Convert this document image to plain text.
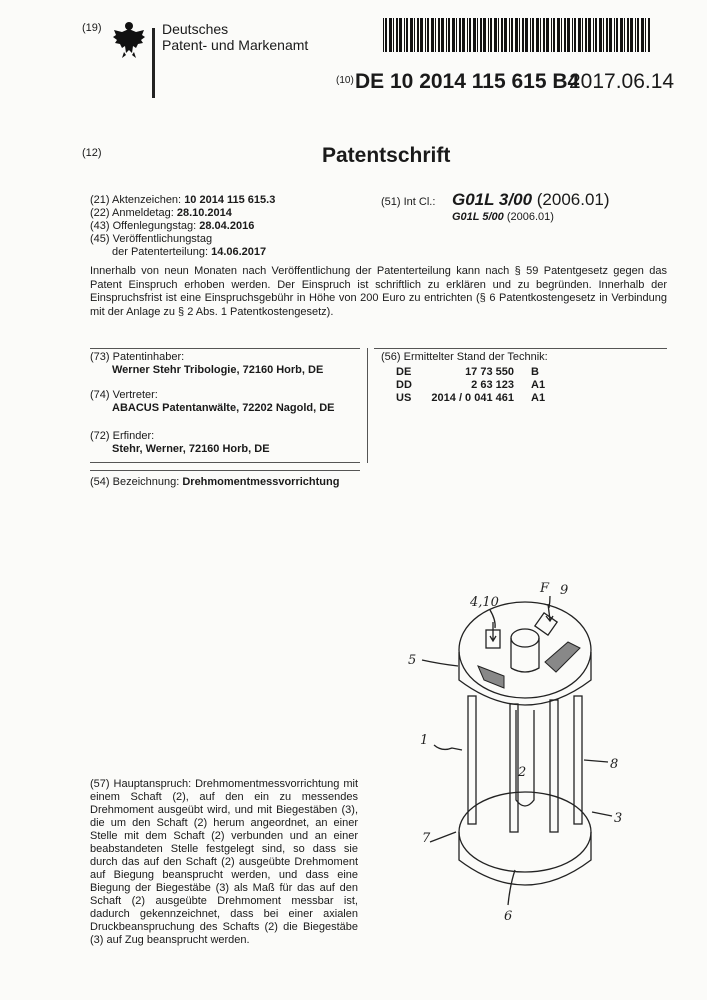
(19)	Deutsches
Patent- und Markenamt
(10) DE 10 2014 115 615 B4
2017.06.14
(12)	Patentschrift
(21) Aktenzeichen: 10 2014 115 615.3
(22) Anmeldetag: 28.10.2014
(43) Offenlegungstag: 28.04.2016
(45) Veröffentlichungstag
der Patenterteilung: 14.06.2017
(51) Int Cl.: G01L 3/00 (2006.01)
G01L 5/00 (2006.01)
Innerhalb von neun Monaten nach Veröffentlichung der Patenterteilung kann nach § 59 Patentgesetz gegen das Patent Einspruch erhoben werden. Der Einspruch ist schriftlich zu erklären und zu begründen. Innerhalb der Einspruchsfrist ist eine Einspruchsgebühr in Höhe von 200 Euro zu entrichten (§ 6 Patentkostengesetz in Verbindung mit der Anlage zu § 2 Abs. 1 Patentkostengesetz).
(73) Patentinhaber:
Werner Stehr Tribologie, 72160 Horb, DE
(74) Vertreter:
ABACUS Patentanwälte, 72202 Nagold, DE
(72) Erfinder:
Stehr, Werner, 72160 Horb, DE
(56) Ermittelter Stand der Technik:
DE	17 73 550 B
DD	2 63 123 A1
US	2014 / 0 041 461 A1
(54) Bezeichnung: Drehmomentmessvorrichtung
(57) Hauptanspruch: Drehmomentmessvorrichtung mit einem Schaft (2), auf den ein zu messendes Drehmoment ausgeübt wird, und mit Biegestäben (3), die um den Schaft (2) herum angeordnet, an einer Stelle mit dem Schaft (2) verbunden und an einer beabstandeten Stelle festgelegt sind, so dass sie durch das auf den Schaft (2) ausgeübte Drehmoment auf Biegung beansprucht werden, und dass eine Biegung der Biegestäbe (3) als Maß für das auf den Schaft (2) ausgeübte Drehmoment messbar ist, dadurch gekennzeichnet, dass bei einer axialen Druckbeanspruchung des Schafts (2) die Biegestäbe (3) auf Zug beansprucht werden.
4,10
F 9
5
1
2
8
7
3
6
